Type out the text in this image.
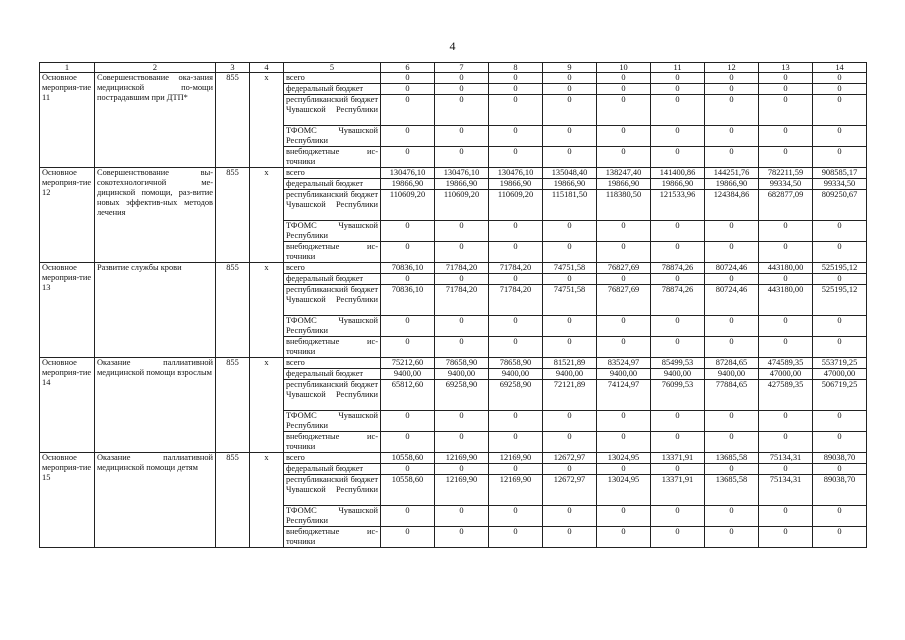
4
1	2	3	4	5	6	7	8	9	10	11	12	13	14
Основное мероприя-тие 11	Совершенствование ока-зания медицинской по-мощи пострадавшим при ДТП*	855	x	всего	0	0	0	0	0	0	0	0	0
				федеральный бюджет	0	0	0	0	0	0	0	0	0
				республиканский бюджет Чувашской Республики	0	0	0	0	0	0	0	0	0
				ТФОМС Чувашской Республики	0	0	0	0	0	0	0	0	0
				внебюджетные ис-точники	0	0	0	0	0	0	0	0	0
Основное мероприя-тие 12	Совершенствование вы-сокотехнологичной ме-дицинской помощи, раз-витие новых эффектив-ных методов лечения	855	x	всего	130476,10	130476,10	130476,10	135048,40	138247,40	141400,86	144251,76	782211,59	908585,17
				федеральный бюджет	19866,90	19866,90	19866,90	19866,90	19866,90	19866,90	19866,90	99334,50	99334,50
				республиканский бюджет Чувашской Республики	110609,20	110609,20	110609,20	115181,50	118380,50	121533,96	124384,86	682877,09	809250,67
				ТФОМС Чувашской Республики	0	0	0	0	0	0	0	0	0
				внебюджетные ис-точники	0	0	0	0	0	0	0	0	0
Основное мероприя-тие 13	Развитие службы крови	855	x	всего	70836,10	71784,20	71784,20	74751,58	76827,69	78874,26	80724,46	443180,00	525195,12
				федеральный бюджет	0	0	0	0	0	0	0	0	0
				республиканский бюджет Чувашской Республики	70836,10	71784,20	71784,20	74751,58	76827,69	78874,26	80724,46	443180,00	525195,12
				ТФОМС Чувашской Республики	0	0	0	0	0	0	0	0	0
				внебюджетные ис-точники	0	0	0	0	0	0	0	0	0
Основное мероприя-тие 14	Оказание паллиативной медицинской помощи взрослым	855	x	всего	75212,60	78658,90	78658,90	81521,89	83524,97	85499,53	87284,65	474589,35	553719,25
				федеральный бюджет	9400,00	9400,00	9400,00	9400,00	9400,00	9400,00	9400,00	47000,00	47000,00
				республиканский бюджет Чувашской Республики	65812,60	69258,90	69258,90	72121,89	74124,97	76099,53	77884,65	427589,35	506719,25
				ТФОМС Чувашской Республики	0	0	0	0	0	0	0	0	0
				внебюджетные ис-точники	0	0	0	0	0	0	0	0	0
Основное мероприя-тие 15	Оказание паллиативной медицинской помощи детям	855	x	всего	10558,60	12169,90	12169,90	12672,97	13024,95	13371,91	13685,58	75134,31	89038,70
				федеральный бюджет	0	0	0	0	0	0	0	0	0
				республиканский бюджет Чувашской Республики	10558,60	12169,90	12169,90	12672,97	13024,95	13371,91	13685,58	75134,31	89038,70
				ТФОМС Чувашской Республики	0	0	0	0	0	0	0	0	0
				внебюджетные ис-точники	0	0	0	0	0	0	0	0	0
